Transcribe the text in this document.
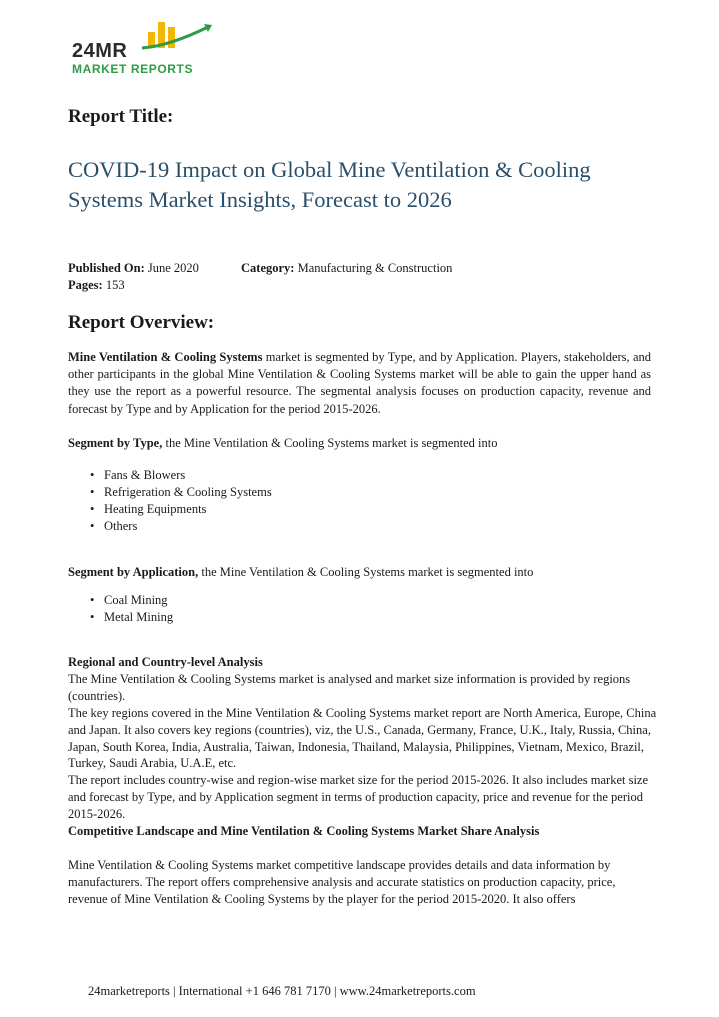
24MR
MARKET REPORTS
Report Title:
COVID-19 Impact on Global Mine Ventilation & Cooling Systems Market Insights, Forecast to 2026
Published On: June 2020	Category: Manufacturing & Construction
Pages: 153
Report Overview:
Mine Ventilation & Cooling Systems market is segmented by Type, and by Application. Players, stakeholders, and other participants in the global Mine Ventilation & Cooling Systems market will be able to gain the upper hand as they use the report as a powerful resource. The segmental analysis focuses on production capacity, revenue and forecast by Type and by Application for the period 2015-2026.
Segment by Type, the Mine Ventilation & Cooling Systems market is segmented into
• Fans & Blowers
• Refrigeration & Cooling Systems
• Heating Equipments
• Others
Segment by Application, the Mine Ventilation & Cooling Systems market is segmented into
• Coal Mining
• Metal Mining
Regional and Country-level Analysis
The Mine Ventilation & Cooling Systems market is analysed and market size information is provided by regions (countries).
The key regions covered in the Mine Ventilation & Cooling Systems market report are North America, Europe, China and Japan. It also covers key regions (countries), viz, the U.S., Canada, Germany, France, U.K., Italy, Russia, China, Japan, South Korea, India, Australia, Taiwan, Indonesia, Thailand, Malaysia, Philippines, Vietnam, Mexico, Brazil, Turkey, Saudi Arabia, U.A.E, etc.
The report includes country-wise and region-wise market size for the period 2015-2026. It also includes market size and forecast by Type, and by Application segment in terms of production capacity, price and revenue for the period 2015-2026.
Competitive Landscape and Mine Ventilation & Cooling Systems Market Share Analysis
Mine Ventilation & Cooling Systems market competitive landscape provides details and data information by manufacturers. The report offers comprehensive analysis and accurate statistics on production capacity, price, revenue of Mine Ventilation & Cooling Systems by the player for the period 2015-2020. It also offers
24marketreports | International +1 646 781 7170 | www.24marketreports.com
